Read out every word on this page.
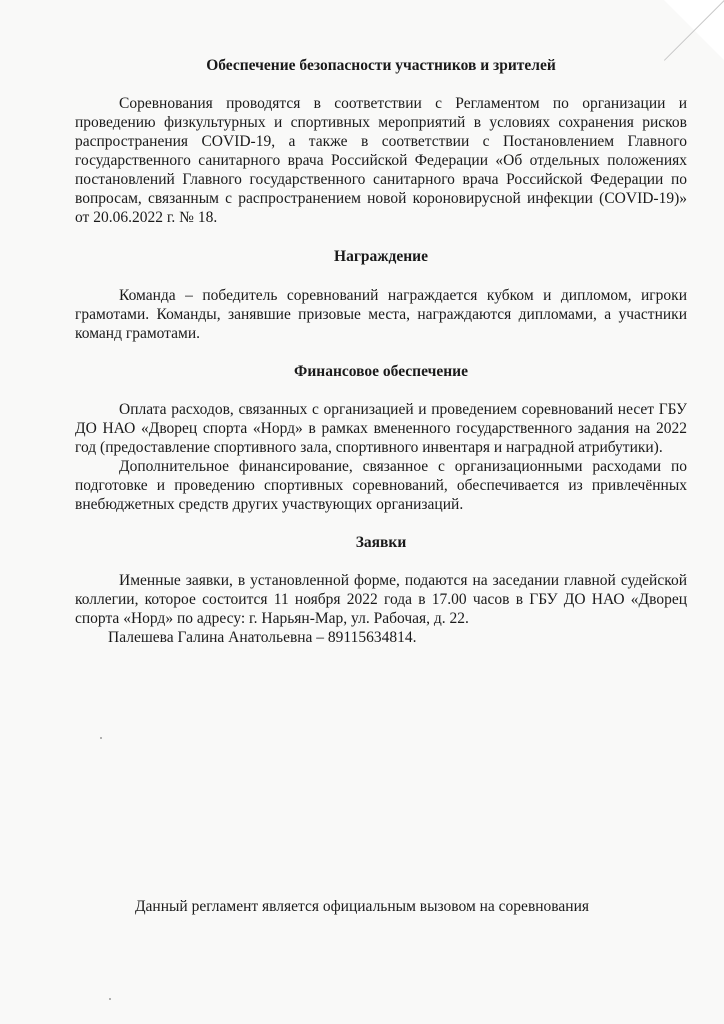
Обеспечение безопасности участников и зрителей

Соревнования проводятся в соответствии с Регламентом по организации и проведению физкультурных и спортивных мероприятий в условиях сохранения рисков распространения COVID-19, а также в соответствии с Постановлением Главного государственного санитарного врача Российской Федерации «Об отдельных положениях постановлений Главного государственного санитарного врача Российской Федерации по вопросам, связанным с распространением новой короновирусной инфекции (COVID-19)» от 20.06.2022 г. № 18.

Награждение

Команда – победитель соревнований награждается кубком и дипломом, игроки грамотами. Команды, занявшие призовые места, награждаются дипломами, а участники команд грамотами.

Финансовое обеспечение

Оплата расходов, связанных с организацией и проведением соревнований несет ГБУ ДО НАО «Дворец спорта «Норд» в рамках вмененного государственного задания на 2022 год (предоставление спортивного зала, спортивного инвентаря и наградной атрибутики).

Дополнительное финансирование, связанное с организационными расходами по подготовке и проведению спортивных соревнований, обеспечивается из привлечённых внебюджетных средств других участвующих организаций.

Заявки

Именные заявки, в установленной форме, подаются на заседании главной судейской коллегии, которое состоится 11 ноября 2022 года в 17.00 часов в ГБУ ДО НАО «Дворец спорта «Норд» по адресу: г. Нарьян-Мар, ул. Рабочая, д. 22.

Палешева Галина Анатольевна – 89115634814.

Данный регламент является официальным вызовом на соревнования
